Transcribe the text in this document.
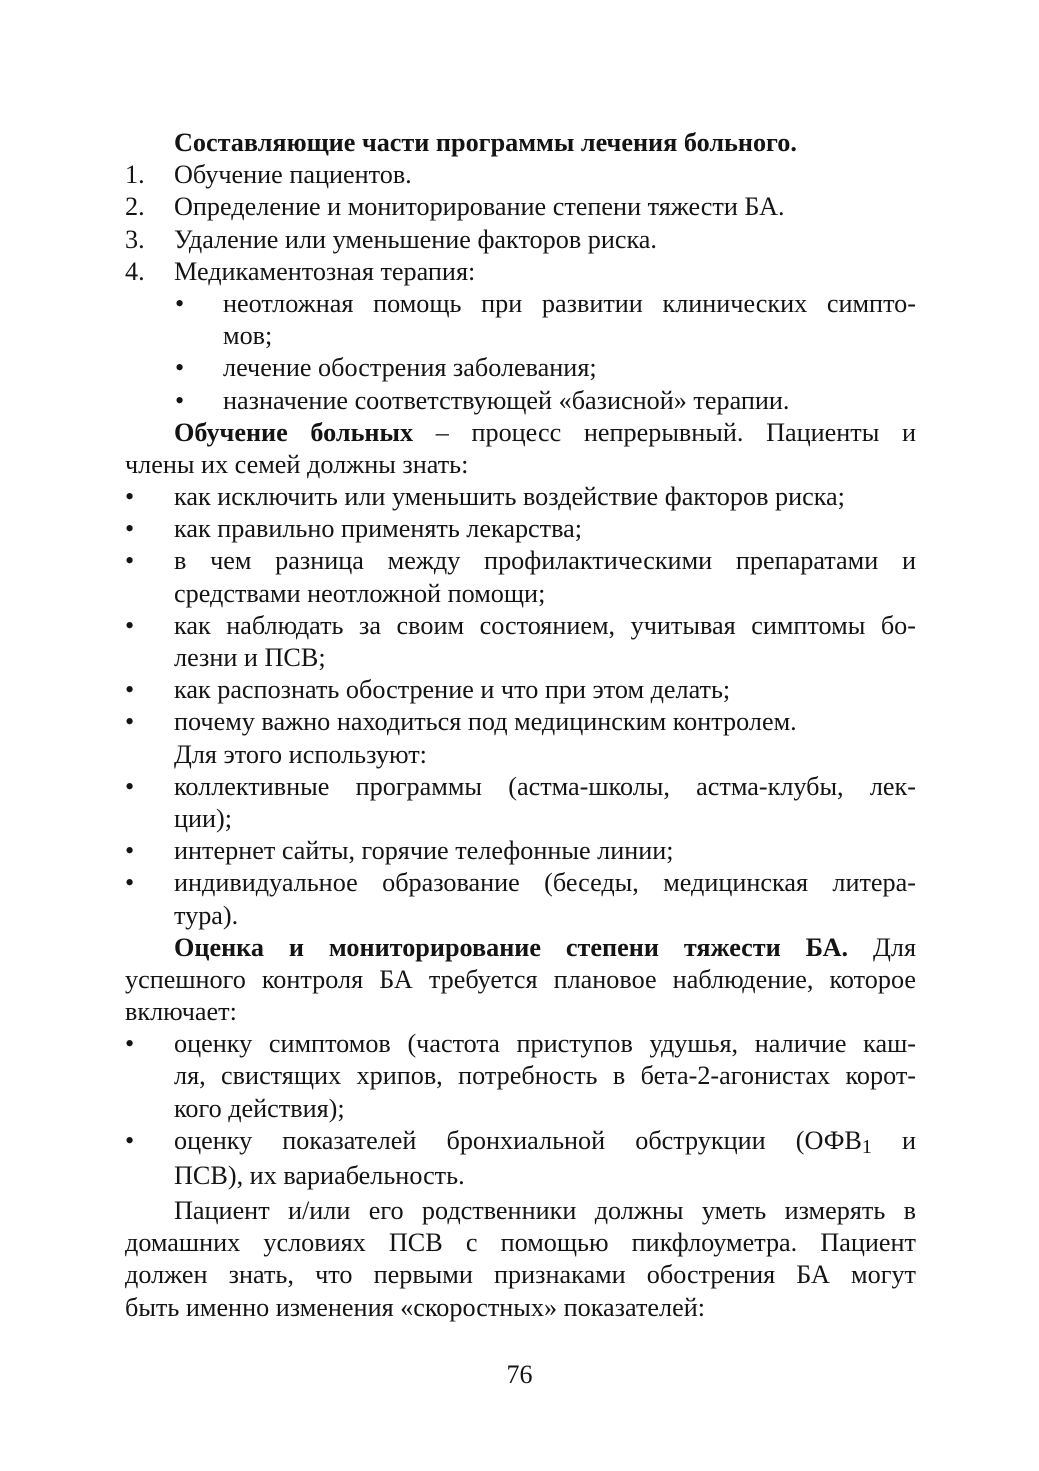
Составляющие части программы лечения больного.
1. Обучение пациентов.
2. Определение и мониторирование степени тяжести БА.
3. Удаление или уменьшение факторов риска.
4. Медикаментозная терапия:
•	неотложная помощь при развитии клинических симпто-
мов;
•	лечение обострения заболевания;
•	назначение соответствующей «базисной» терапии.
Обучение больных – процесс непрерывный. Пациенты и
члены их семей должны знать:
•	как исключить или уменьшить воздействие факторов риска;
•	как правильно применять лекарства;
•	в чем разница между профилактическими препаратами и
средствами неотложной помощи;
•	как наблюдать за своим состоянием, учитывая симптомы бо-
лезни и ПСВ;
•	как распознать обострение и что при этом делать;
•	почему важно находиться под медицинским контролем.
Для этого используют:
•	коллективные программы (астма-школы, астма-клубы, лек-
ции);
•	интернет сайты, горячие телефонные линии;
•	индивидуальное образование (беседы, медицинская литера-
тура).
Оценка и мониторирование степени тяжести БА. Для
успешного контроля БА требуется плановое наблюдение, которое
включает:
•	оценку симптомов (частота приступов удушья, наличие каш-
ля, свистящих хрипов, потребность в бета-2-агонистах корот-
кого действия);
•	оценку показателей бронхиальной обструкции ($ОФВ_1$ и
ПСВ), их вариабельность.
Пациент и/или его родственники должны уметь измерять в
домашних условиях ПСВ с помощью пикфлоуметра. Пациент
должен знать, что первыми признаками обострения БА могут
быть именно изменения «скоростных» показателей:
76
